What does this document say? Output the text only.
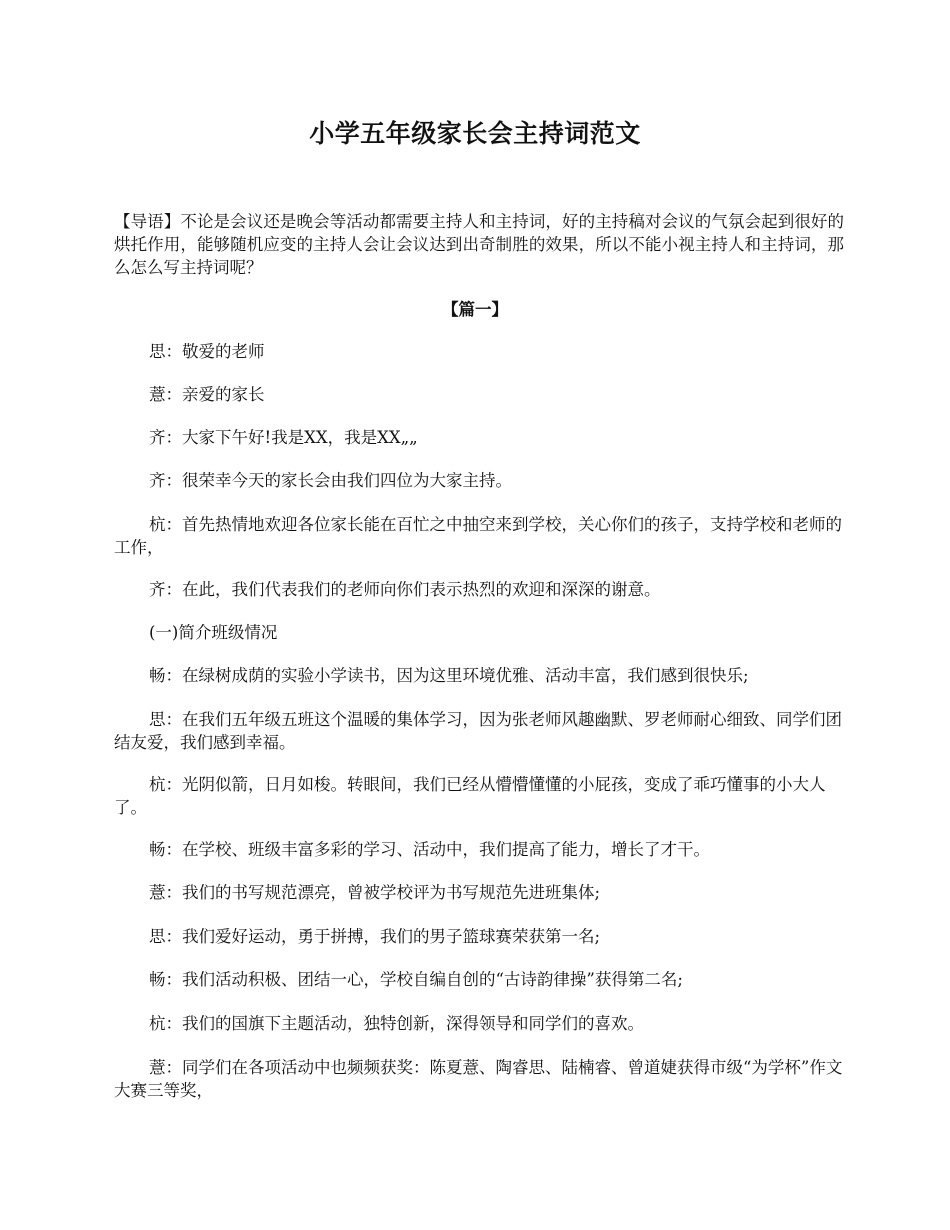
小学五年级家长会主持词范文

【导语】不论是会议还是晚会等活动都需要主持人和主持词，好的主持稿对会议的气氛会起到很好的烘托作用，能够随机应变的主持人会让会议达到出奇制胜的效果，所以不能小视主持人和主持词，那么怎么写主持词呢？

【篇一】

思：敬爱的老师

薏：亲爱的家长

齐：大家下午好!我是XX，我是XX„„

齐：很荣幸今天的家长会由我们四位为大家主持。

杭：首先热情地欢迎各位家长能在百忙之中抽空来到学校，关心你们的孩子，支持学校和老师的工作，

齐：在此，我们代表我们的老师向你们表示热烈的欢迎和深深的谢意。

(一)简介班级情况

畅：在绿树成荫的实验小学读书，因为这里环境优雅、活动丰富，我们感到很快乐;

思：在我们五年级五班这个温暖的集体学习，因为张老师风趣幽默、罗老师耐心细致、同学们团结友爱，我们感到幸福。

杭：光阴似箭，日月如梭。转眼间，我们已经从懵懵懂懂的小屁孩，变成了乖巧懂事的小大人了。

畅：在学校、班级丰富多彩的学习、活动中，我们提高了能力，增长了才干。

薏：我们的书写规范漂亮，曾被学校评为书写规范先进班集体;

思：我们爱好运动，勇于拼搏，我们的男子篮球赛荣获第一名;

畅：我们活动积极、团结一心，学校自编自创的“古诗韵律操”获得第二名;

杭：我们的国旗下主题活动，独特创新，深得领导和同学们的喜欢。

薏：同学们在各项活动中也频频获奖：陈夏薏、陶睿思、陆楠睿、曾道婕获得市级“为学杯”作文大赛三等奖，
